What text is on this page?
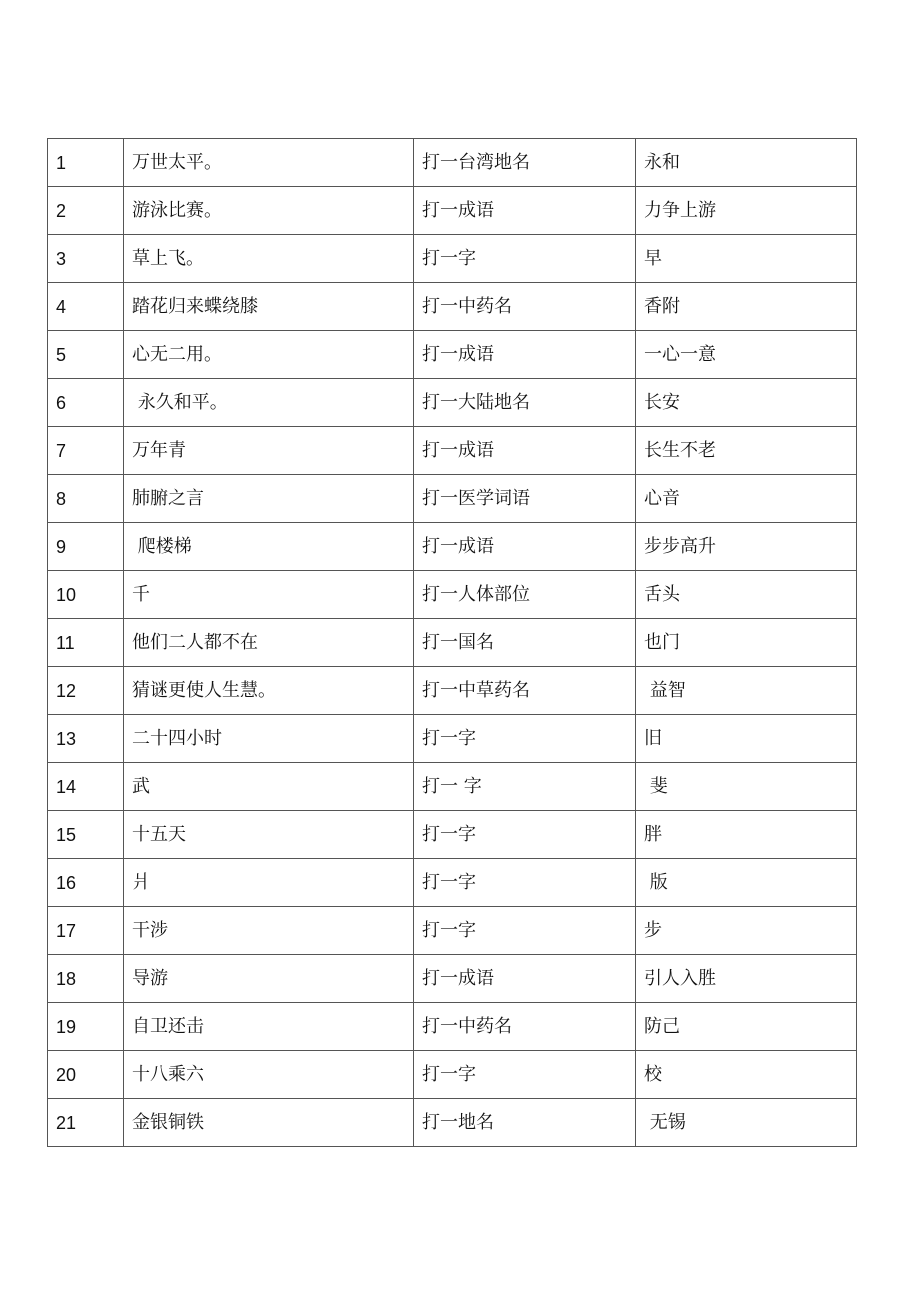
1	万世太平。	打一台湾地名	永和
2	游泳比赛。	打一成语	力争上游
3	草上飞。	打一字	早
4	踏花归来蝶绕膝	打一中药名	香附
5	心无二用。	打一成语	一心一意
6	永久和平。	打一大陆地名	长安
7	万年青	打一成语	长生不老
8	肺腑之言	打一医学词语	心音
9	爬楼梯	打一成语	步步高升
10	千	打一人体部位	舌头
11	他们二人都不在	打一国名	也门
12	猜谜更使人生慧。	打一中草药名	益智
13	二十四小时	打一字	旧
14	武	打一 字	斐
15	十五天	打一字	胖
16	爿	打一字	版
17	干涉	打一字	步
18	导游	打一成语	引人入胜
19	自卫还击	打一中药名	防己
20	十八乘六	打一字	校
21	金银铜铁	打一地名	无锡
